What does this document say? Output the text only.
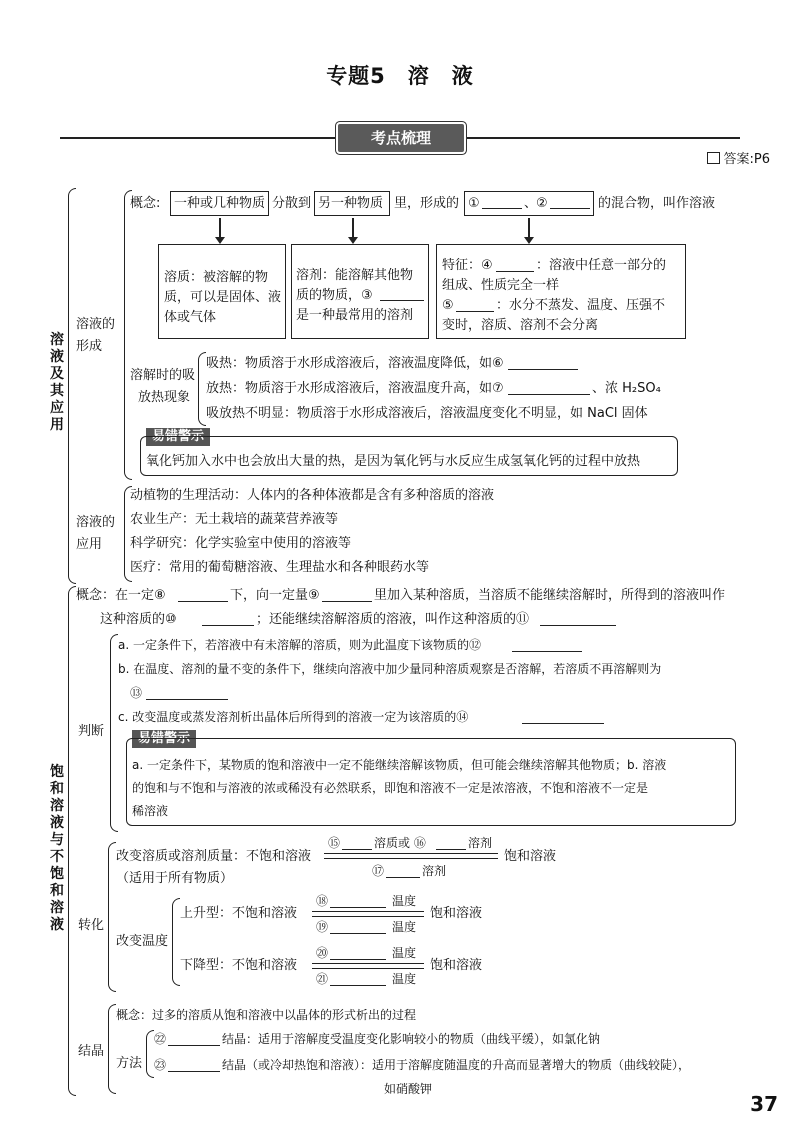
专题5　溶　液
考点梳理
答案:P6
溶液及其应用
溶液的形成
概念: 一种或几种物质 分散到 另一种物质 里，形成的 ①	、
②	的混合物，叫作溶液
溶质：被溶解的物质，可以是固体、液体或气体
溶剂：能溶解其他物
质的物质，③
是一种最常用的溶剂
特征：④	：溶液中任意一部分的
组成、性质完全一样
⑤	：水分不蒸发、温度、压强不
变时，溶质、溶剂不会分离
溶解时的吸
放热现象
吸热：物质溶于水形成溶液后，溶液温度降低，如⑥
放热：物质溶于水形成溶液后，溶液温度升高，如⑦	、浓 H₂SO₄
吸放热不明显：物质溶于水形成溶液后，溶液温度变化不明显，如 NaCl 固体
易错警示
氧化钙加入水中也会放出大量的热，是因为氧化钙与水反应生成氢氧化钙的过程中放热
溶液的应用
动植物的生理活动：人体内的各种体液都是含有多种溶质的溶液
农业生产：无土栽培的蔬菜营养液等
科学研究：化学实验室中使用的溶液等
医疗：常用的葡萄糖溶液、生理盐水和各种眼药水等
饱和溶液与不饱和溶液
概念：在一定⑧	下，向一定量⑨	里加入某种溶质，当溶质不能继续溶解时，所得到的溶液叫作
这种溶质的⑩	；还能继续溶解溶质的溶液，叫作这种溶质的⑪
判断
a. 一定条件下，若溶液中有未溶解的溶质，则为此温度下该物质的⑫
b. 在温度、溶剂的量不变的条件下，继续向溶液中加少量同种溶质观察是否溶解，若溶质不再溶解则为
⑬
c. 改变温度或蒸发溶剂析出晶体后所得到的溶液一定为该溶质的⑭
易错警示
a. 一定条件下，某物质的饱和溶液中一定不能继续溶解该物质，但可能会继续溶解其他物质；b. 溶液
的饱和与不饱和与溶液的浓或稀没有必然联系，即饱和溶液不一定是浓溶液，不饱和溶液不一定是
稀溶液
转化
改变溶质或溶剂质量：不饱和溶液
（适用于所有物质）
⑮	溶质或 ⑯	溶剂
⑰	溶剂
饱和溶液
改变温度
上升型：不饱和溶液
⑱	温度
⑲	温度
饱和溶液
下降型：不饱和溶液
⑳	温度
㉑	温度
饱和溶液
结晶
概念：过多的溶质从饱和溶液中以晶体的形式析出的过程
方法
㉒	结晶：适用于溶解度受温度变化影响较小的物质（曲线平缓），如氯化钠
㉓	结晶（或冷却热饱和溶液）：适用于溶解度随温度的升高而显著增大的物质（曲线较陡），
如硝酸钾
37
